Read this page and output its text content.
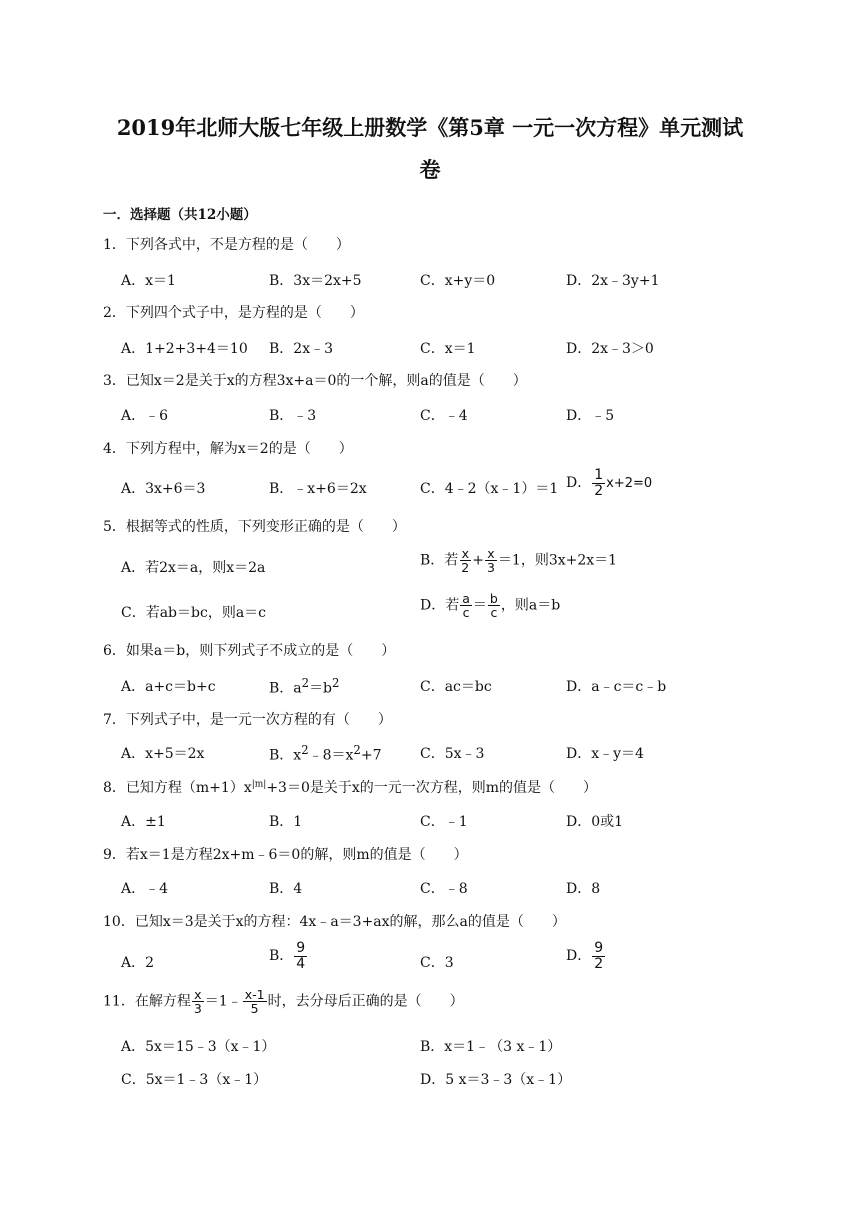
2019年北师大版七年级上册数学《第5章 一元一次方程》单元测试
卷
一．选择题（共12小题）
1．下列各式中，不是方程的是（　　）
A．x＝1	B．3x＝2x+5	C．x+y＝0	D．2x﹣3y+1
2．下列四个式子中，是方程的是（　　）
A．1+2+3+4＝10 B．2x﹣3	C．x＝1	D．2x﹣3＞0
3．已知x＝2是关于x的方程3x+a＝0的一个解，则a的值是（　　）
A．﹣6	B．﹣3	C．﹣4	D．﹣5
4．下列方程中，解为x＝2的是（　　）
A．3x+6＝3	B．﹣x+6＝2x	C．4﹣2（x﹣1）＝1 D． $\frac{1}{2} x+2=0$
5．根据等式的性质，下列变形正确的是（　　）
A．若2x＝a，则x＝2a	B．若 $\frac{x}{2} + \frac{x}{3} =1$，则3x+2x＝1
C．若ab＝bc，则a＝c	D．若 $\frac{a}{c} = \frac{b}{c}$ ，则a＝b
6．如果a＝b，则下列式子不成立的是（　　）
A．a+c＝b+c	B．$a^2=b^2$	C．ac＝bc	D．a﹣c＝c﹣b
7．下列式子中，是一元一次方程的有（　　）
A．x+5＝2x	B．$x^2﹣8=x^2+7$	C．5x﹣3	D．x﹣y＝4
8．已知方程$(m+1)x^{|m|}+3=0$是关于x的一元一次方程，则m的值是（　　）
A．±1	B．1	C．﹣1	D．0或1
9．若x＝1是方程2x+m﹣6＝0的解，则m的值是（　　）
A．﹣4	B．4	C．﹣8	D．8
10．已知x＝3是关于x的方程：4x﹣a＝3+ax的解，那么a的值是（　　）
A．2	B． $\frac{9}{4}$	C．3	D． $\frac{9}{2}$
11．在解方程 $\frac{x}{3}$ ＝1﹣ $\frac{x-1}{5}$ 时，去分母后正确的是（　　）
A．5x＝15﹣3（x﹣1）	B．x＝1﹣（3 x﹣1）
C．5x＝1﹣3（x﹣1）	D．5 x＝3﹣3（x﹣1）
